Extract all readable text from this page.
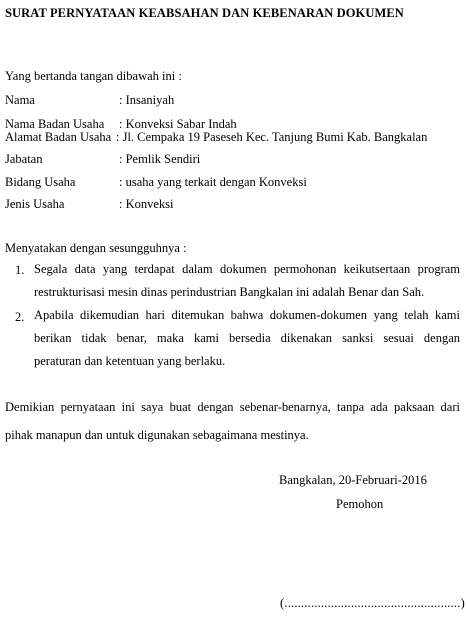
SURAT PERNYATAAN KEABSAHAN DAN KEBENARAN DOKUMEN
Yang bertanda tangan dibawah ini :
Nama	: Insaniyah
Nama Badan Usaha : Konveksi Sabar Indah
Alamat Badan Usaha : Jl. Cempaka 19 Paseseh Kec. Tanjung Bumi Kab. Bangkalan
Jabatan	: Pemlik Sendiri
Bidang Usaha	: usaha yang terkait dengan Konveksi
Jenis Usaha	: Konveksi
Menyatakan dengan sesungguhnya :
1. Segala data yang terdapat dalam dokumen permohonan keikutsertaan program
restrukturisasi mesin dinas perindustrian Bangkalan ini adalah Benar dan Sah.
2. Apabila dikemudian hari ditemukan bahwa dokumen-dokumen yang telah kami
berikan tidak benar, maka kami bersedia dikenakan sanksi sesuai dengan
peraturan dan ketentuan yang berlaku.
Demikian pernyataan ini saya buat dengan sebenar-benarnya, tanpa ada paksaan dari
pihak manapun dan untuk digunakan sebagaimana mestinya.
Bangkalan, 20-Februari-2016
Pemohon
(.....................................................)
